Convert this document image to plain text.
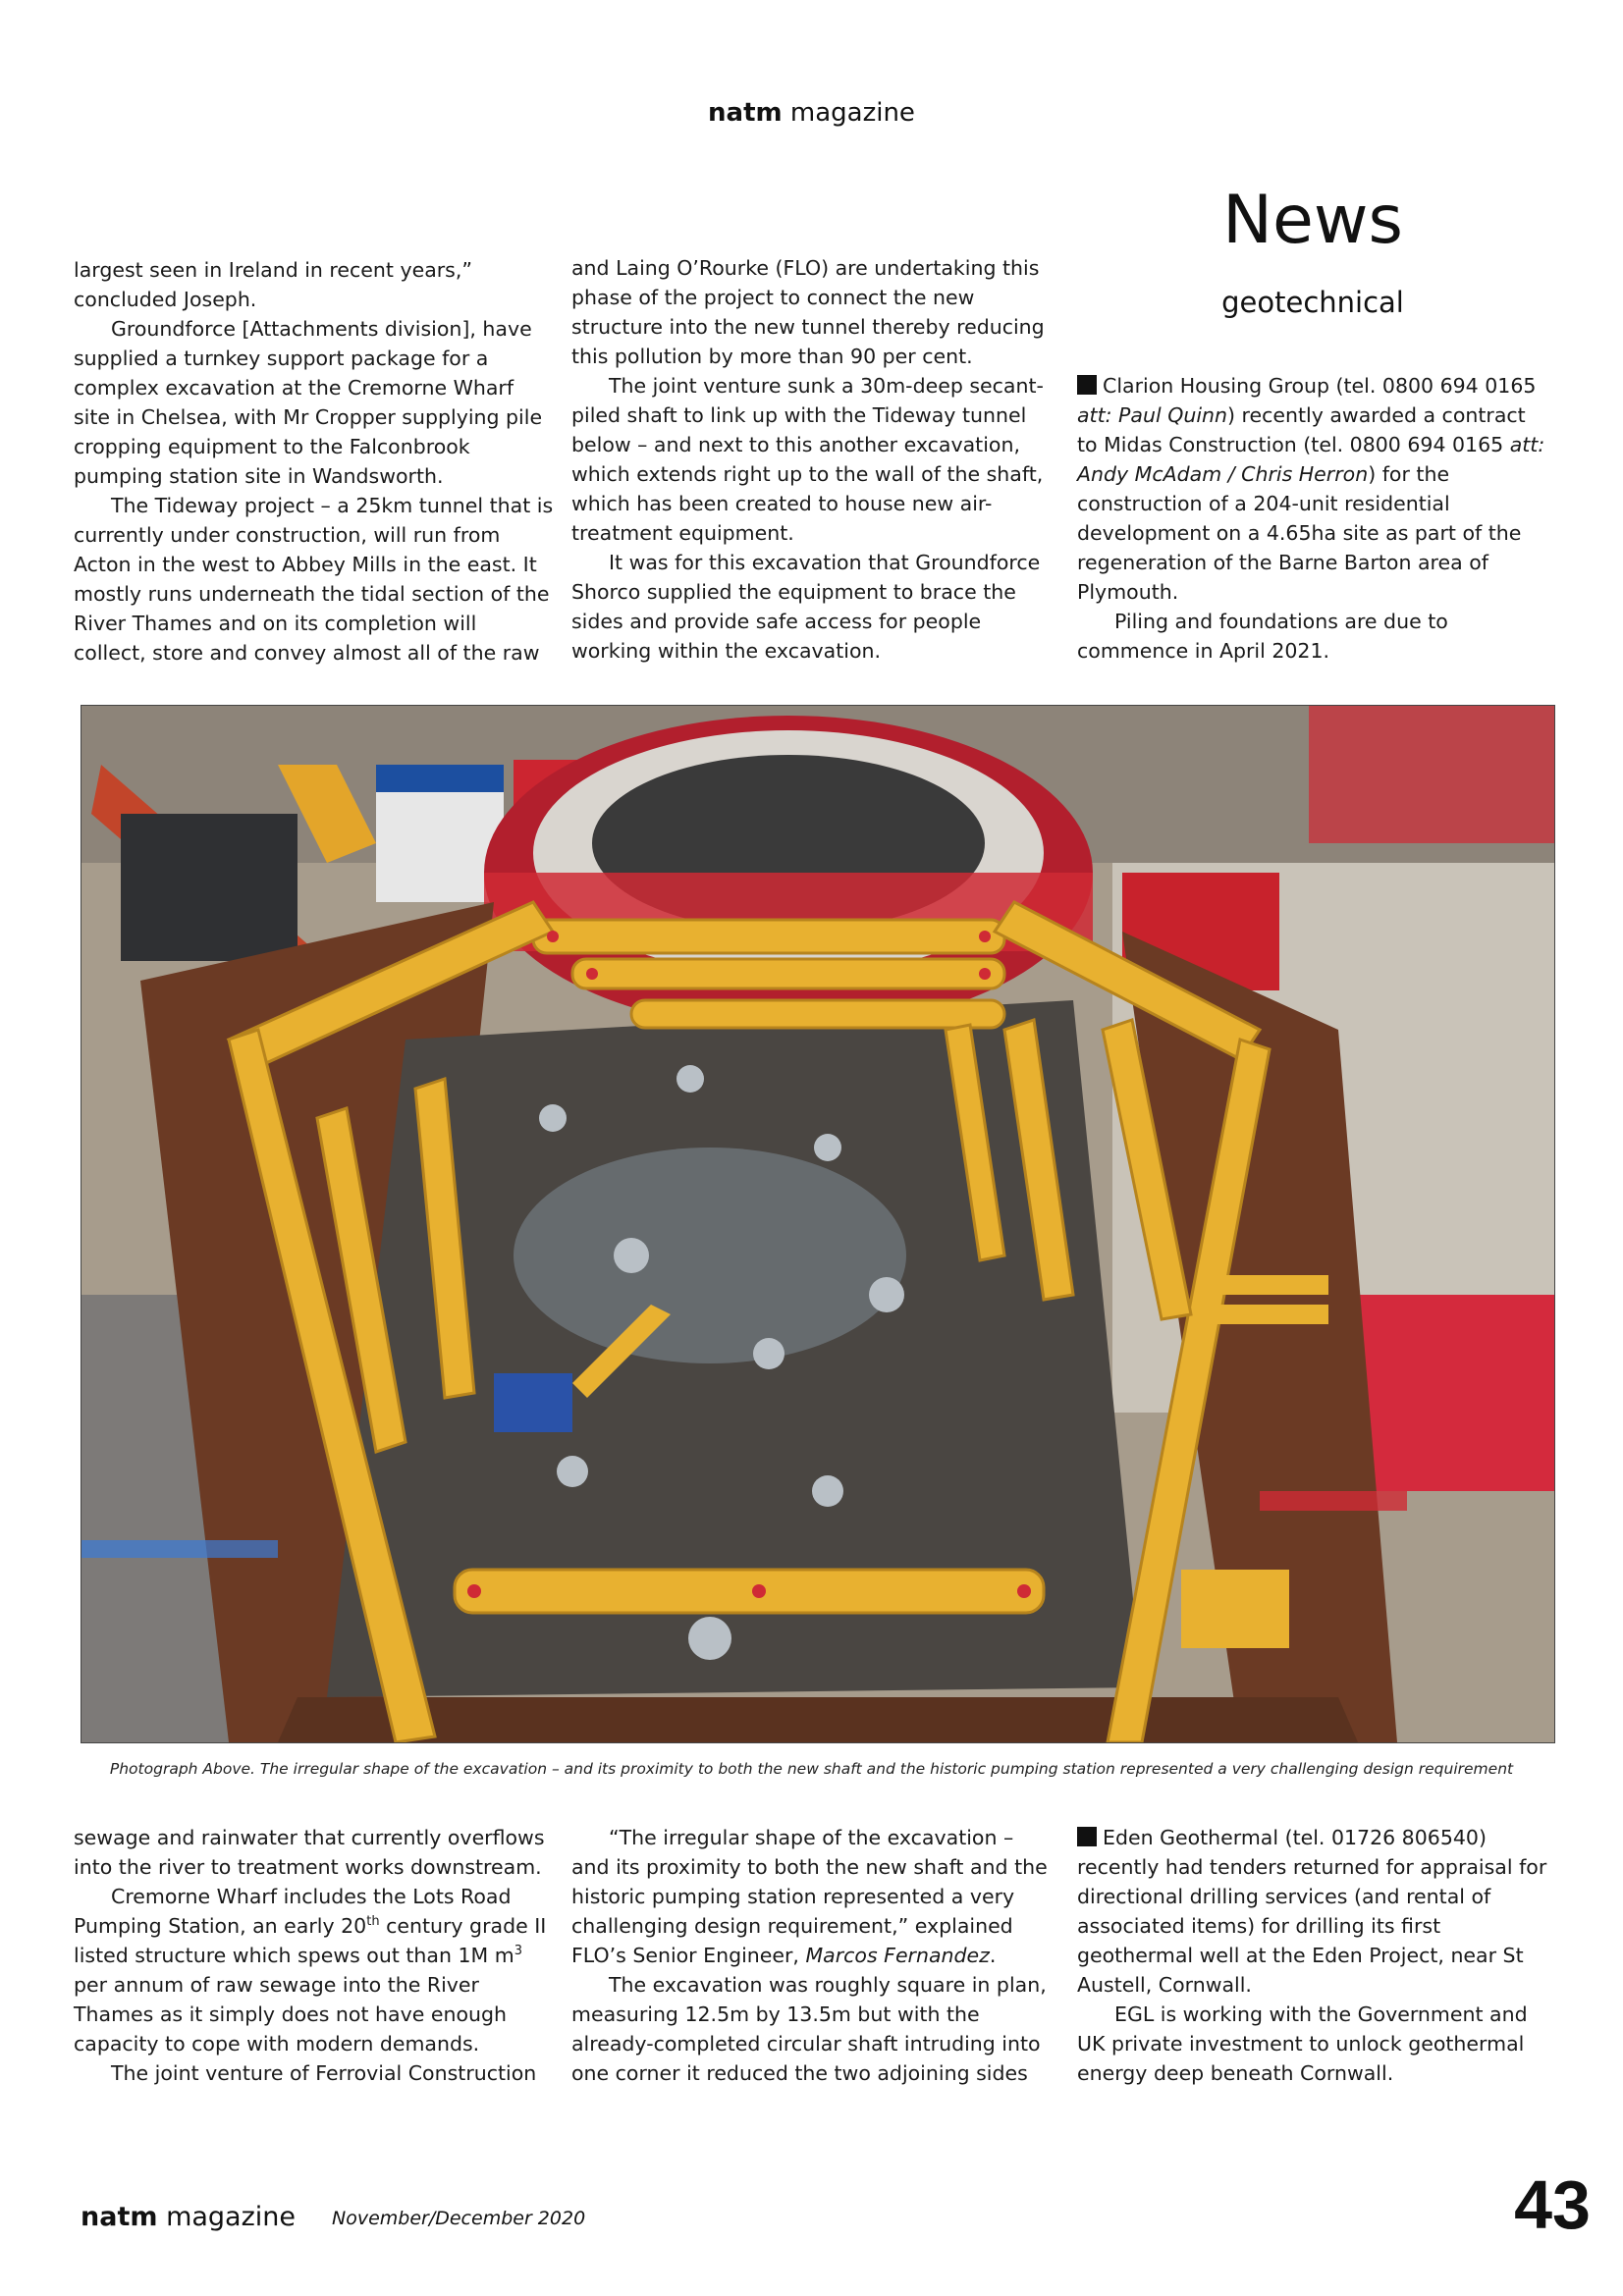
natm magazine

largest seen in Ireland in recent years,” concluded Joseph.

Groundforce [Attachments division], have supplied a turnkey support package for a complex excavation at the Cremorne Wharf site in Chelsea, with Mr Cropper supplying pile cropping equipment to the Falconbrook pumping station site in Wandsworth.

The Tideway project – a 25km tunnel that is currently under construction, will run from Acton in the west to Abbey Mills in the east. It mostly runs underneath the tidal section of the River Thames and on its completion will collect, store and convey almost all of the raw

and Laing O’Rourke (FLO) are undertaking this phase of the project to connect the new structure into the new tunnel thereby reducing this pollution by more than 90 per cent.

The joint venture sunk a 30m-deep secant-piled shaft to link up with the Tideway tunnel below – and next to this another excavation, which extends right up to the wall of the shaft, which has been created to house new air-treatment equipment.

It was for this excavation that Groundforce Shorco supplied the equipment to brace the sides and provide safe access for people working within the excavation.

News
geotechnical

Clarion Housing Group (tel. 0800 694 0165 att: Paul Quinn) recently awarded a contract to Midas Construction (tel. 0800 694 0165 att: Andy McAdam / Chris Herron) for the construction of a 204-unit residential development on a 4.65ha site as part of the regeneration of the Barne Barton area of Plymouth.

Piling and foundations are due to commence in April 2021.

Photograph Above. The irregular shape of the excavation – and its proximity to both the new shaft and the historic pumping station represented a very challenging design requirement

sewage and rainwater that currently overflows into the river to treatment works downstream.

Cremorne Wharf includes the Lots Road Pumping Station, an early 20th century grade II listed structure which spews out than 1M $m^3$ per annum of raw sewage into the River Thames as it simply does not have enough capacity to cope with modern demands.

The joint venture of Ferrovial Construction

“The irregular shape of the excavation – and its proximity to both the new shaft and the historic pumping station represented a very challenging design requirement,” explained FLO’s Senior Engineer, Marcos Fernandez.

The excavation was roughly square in plan, measuring 12.5m by 13.5m but with the already-completed circular shaft intruding into one corner it reduced the two adjoining sides

Eden Geothermal (tel. 01726 806540) recently had tenders returned for appraisal for directional drilling services (and rental of associated items) for drilling its first geothermal well at the Eden Project, near St Austell, Cornwall.

EGL is working with the Government and UK private investment to unlock geothermal energy deep beneath Cornwall.

natm magazine November/December 2020	43
